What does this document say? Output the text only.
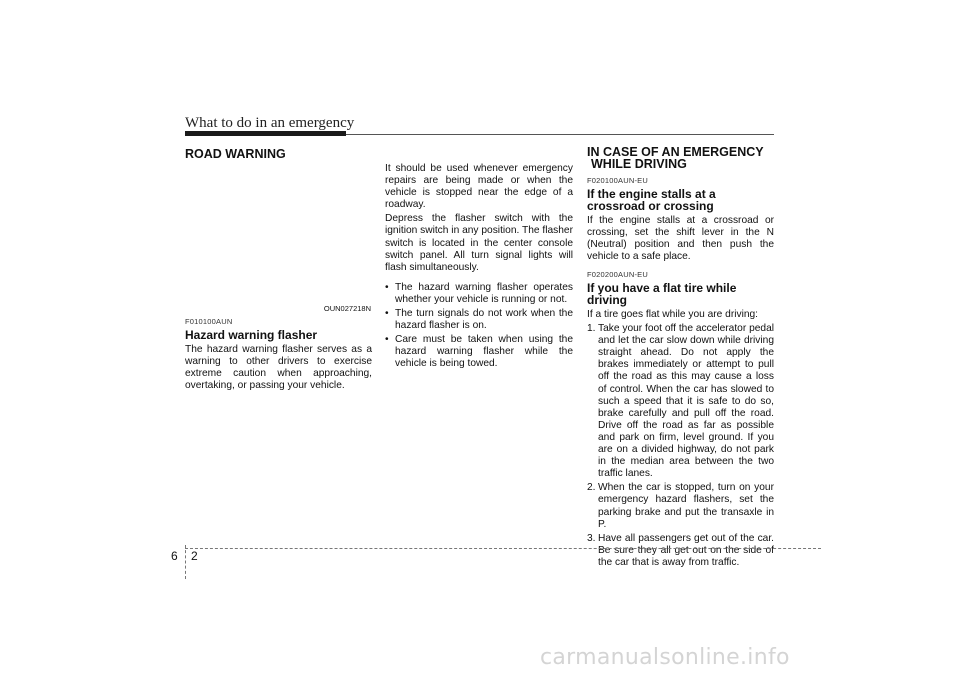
What to do in an emergency
ROAD WARNING
OUN027218N
F010100AUN
Hazard warning flasher
The hazard warning flasher serves as a warning to other drivers to exercise extreme caution when approaching, overtaking, or passing your vehicle.

It should be used whenever emergency repairs are being made or when the vehicle is stopped near the edge of a roadway.

Depress the flasher switch with the ignition switch in any position. The flasher switch is located in the center console switch panel. All turn signal lights will flash simultaneously.

• The hazard warning flasher operates whether your vehicle is running or not.
• The turn signals do not work when the hazard flasher is on.
• Care must be taken when using the hazard warning flasher while the vehicle is being towed.
IN CASE OF AN EMERGENCY
WHILE DRIVING
F020100AUN-EU
If the engine stalls at a crossroad or crossing
If the engine stalls at a crossroad or crossing, set the shift lever in the N (Neutral) position and then push the vehicle to a safe place.
F020200AUN-EU
If you have a flat tire while driving
If a tire goes flat while you are driving:
1. Take your foot off the accelerator pedal and let the car slow down while driving straight ahead. Do not apply the brakes immediately or attempt to pull off the road as this may cause a loss of control. When the car has slowed to such a speed that it is safe to do so, brake carefully and pull off the road. Drive off the road as far as possible and park on firm, level ground. If you are on a divided highway, do not park in the median area between the two traffic lanes.
2. When the car is stopped, turn on your emergency hazard flashers, set the parking brake and put the transaxle in P.
3. Have all passengers get out of the car. Be sure they all get out on the side of the car that is away from traffic.
6 2
carmanualsonline.info
